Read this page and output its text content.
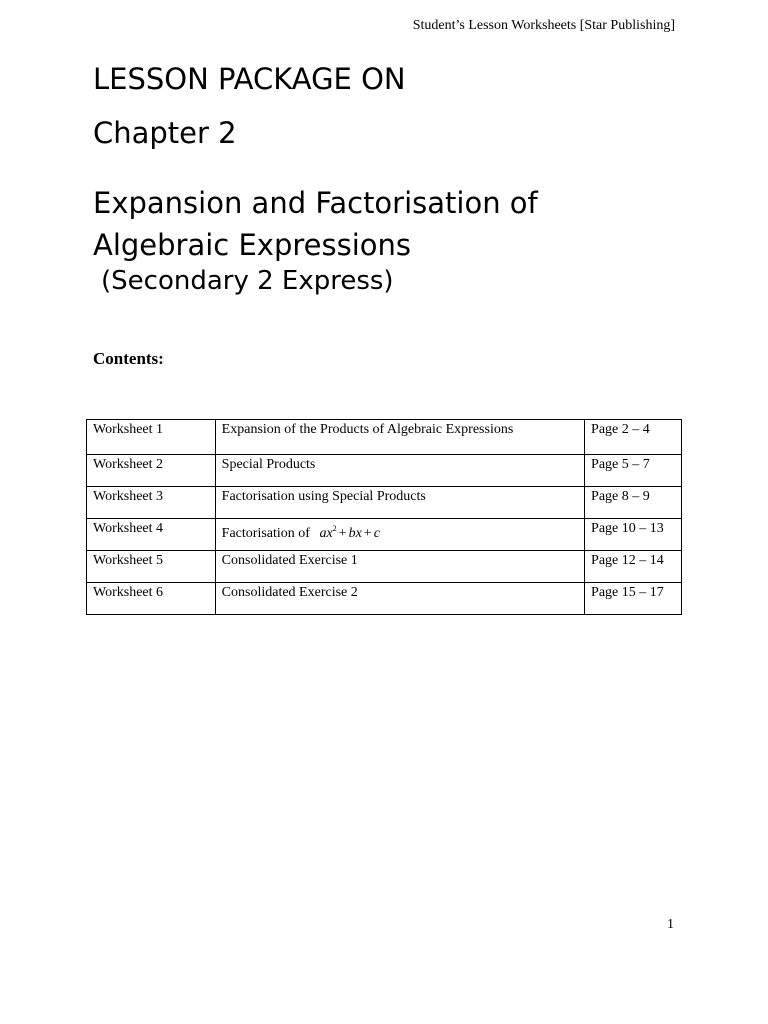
Student’s Lesson Worksheets [Star Publishing]
LESSON PACKAGE ON
Chapter 2
Expansion and Factorisation of Algebraic Expressions
(Secondary 2 Express)
Contents:
Worksheet 1	Expansion of the Products of Algebraic Expressions	Page 2 – 4
Worksheet 2	Special Products	Page 5 – 7
Worksheet 3	Factorisation using Special Products	Page 8 – 9
Worksheet 4	Factorisation of $ax^2$ + bx + c	Page 10 – 13
Worksheet 5	Consolidated Exercise 1	Page 12 – 14
Worksheet 6	Consolidated Exercise 2	Page 15 – 17
1
